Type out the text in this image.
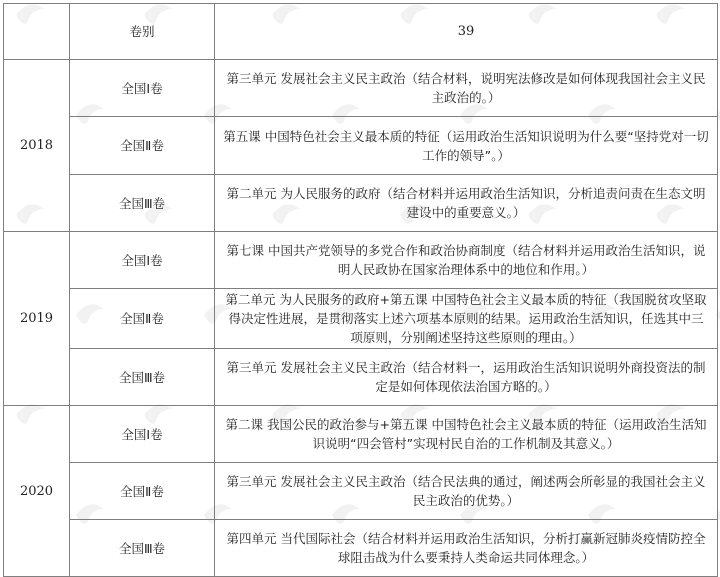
	卷别	39
2018	全国Ⅰ卷	第三单元 发展社会主义民主政治（结合材料，说明宪法修改是如何体现我国社会主义民主政治的。）
	全国Ⅱ卷	第五课 中国特色社会主义最本质的特征（运用政治生活知识说明为什么要“坚持党对一切工作的领导”。）
	全国Ⅲ卷	第二单元 为人民服务的政府（结合材料并运用政治生活知识，分析追责问责在生态文明建设中的重要意义。）
2019	全国Ⅰ卷	第七课 中国共产党领导的多党合作和政治协商制度（结合材料并运用政治生活知识，说明人民政协在国家治理体系中的地位和作用。）
	全国Ⅱ卷	第二单元 为人民服务的政府+第五课 中国特色社会主义最本质的特征（我国脱贫攻坚取得决定性进展，是贯彻落实上述六项基本原则的结果。运用政治生活知识，任选其中三项原则，分别阐述坚持这些原则的理由。）
	全国Ⅲ卷	第三单元 发展社会主义民主政治（结合材料一，运用政治生活知识说明外商投资法的制定是如何体现依法治国方略的。）
2020	全国Ⅰ卷	第二课 我国公民的政治参与+第五课 中国特色社会主义最本质的特征（运用政治生活知识说明“四会管村”实现村民自治的工作机制及其意义。）
	全国Ⅱ卷	第三单元 发展社会主义民主政治（结合民法典的通过，阐述两会所彰显的我国社会主义民主政治的优势。）
	全国Ⅲ卷	第四单元 当代国际社会（结合材料并运用政治生活知识，分析打赢新冠肺炎疫情防控全球阻击战为什么要秉持人类命运共同体理念。）
